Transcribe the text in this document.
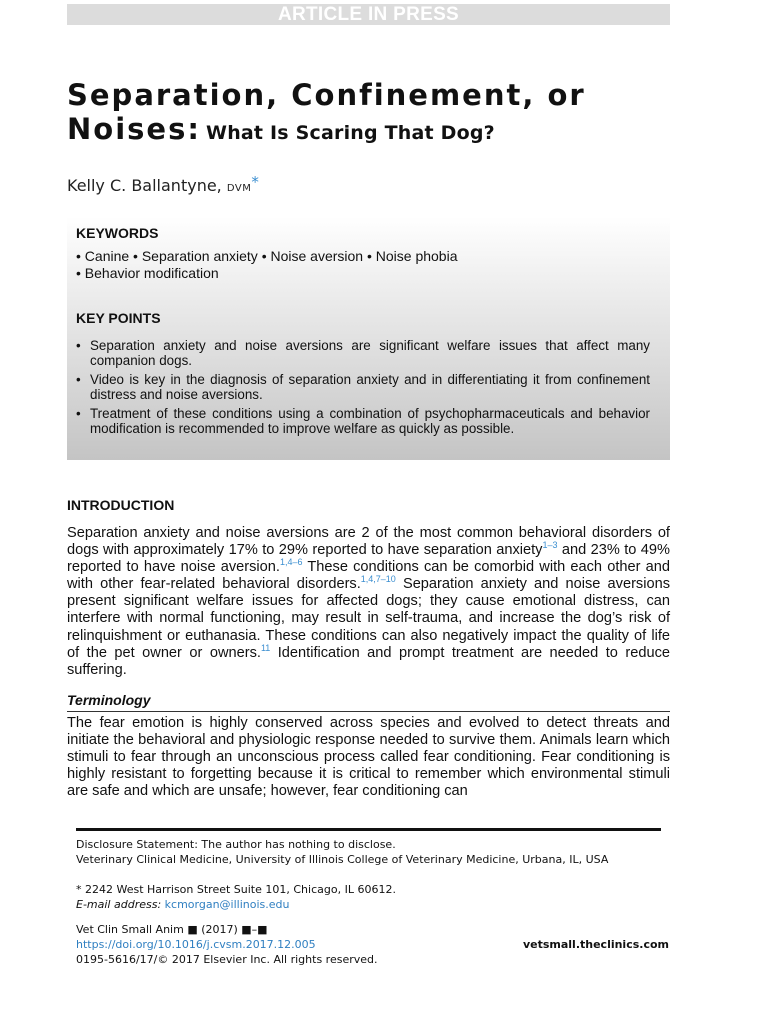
ARTICLE IN PRESS
Separation, Confinement, or
Noises: What Is Scaring That Dog?
Kelly C. Ballantyne, DVM*
KEYWORDS
• Canine • Separation anxiety • Noise aversion • Noise phobia
• Behavior modification
KEY POINTS
• Separation anxiety and noise aversions are significant welfare issues that affect many companion dogs.
• Video is key in the diagnosis of separation anxiety and in differentiating it from confinement distress and noise aversions.
• Treatment of these conditions using a combination of psychopharmaceuticals and behavior modification is recommended to improve welfare as quickly as possible.
INTRODUCTION
Separation anxiety and noise aversions are 2 of the most common behavioral disorders of dogs with approximately 17% to 29% reported to have separation anxiety$^{1-3}$ and 23% to 49% reported to have noise aversion.$^{1,4-6}$ These conditions can be comorbid with each other and with other fear-related behavioral disorders.$^{1,4,7-10}$ Separation anxiety and noise aversions present significant welfare issues for affected dogs; they cause emotional distress, can interfere with normal functioning, may result in self-trauma, and increase the dog’s risk of relinquishment or euthanasia. These conditions can also negatively impact the quality of life of the pet owner or owners.$^{11}$ Identification and prompt treatment are needed to reduce suffering.
Terminology
The fear emotion is highly conserved across species and evolved to detect threats and initiate the behavioral and physiologic response needed to survive them. Animals learn which stimuli to fear through an unconscious process called fear conditioning. Fear conditioning is highly resistant to forgetting because it is critical to remember which environmental stimuli are safe and which are unsafe; however, fear conditioning can
Disclosure Statement: The author has nothing to disclose.
Veterinary Clinical Medicine, University of Illinois College of Veterinary Medicine, Urbana, IL, USA
* 2242 West Harrison Street Suite 101, Chicago, IL 60612.
E-mail address: kcmorgan@illinois.edu
Vet Clin Small Anim ■ (2017) ■–■
https://doi.org/10.1016/j.cvsm.2017.12.005
0195-5616/17/© 2017 Elsevier Inc. All rights reserved.
vetsmall.theclinics.com
